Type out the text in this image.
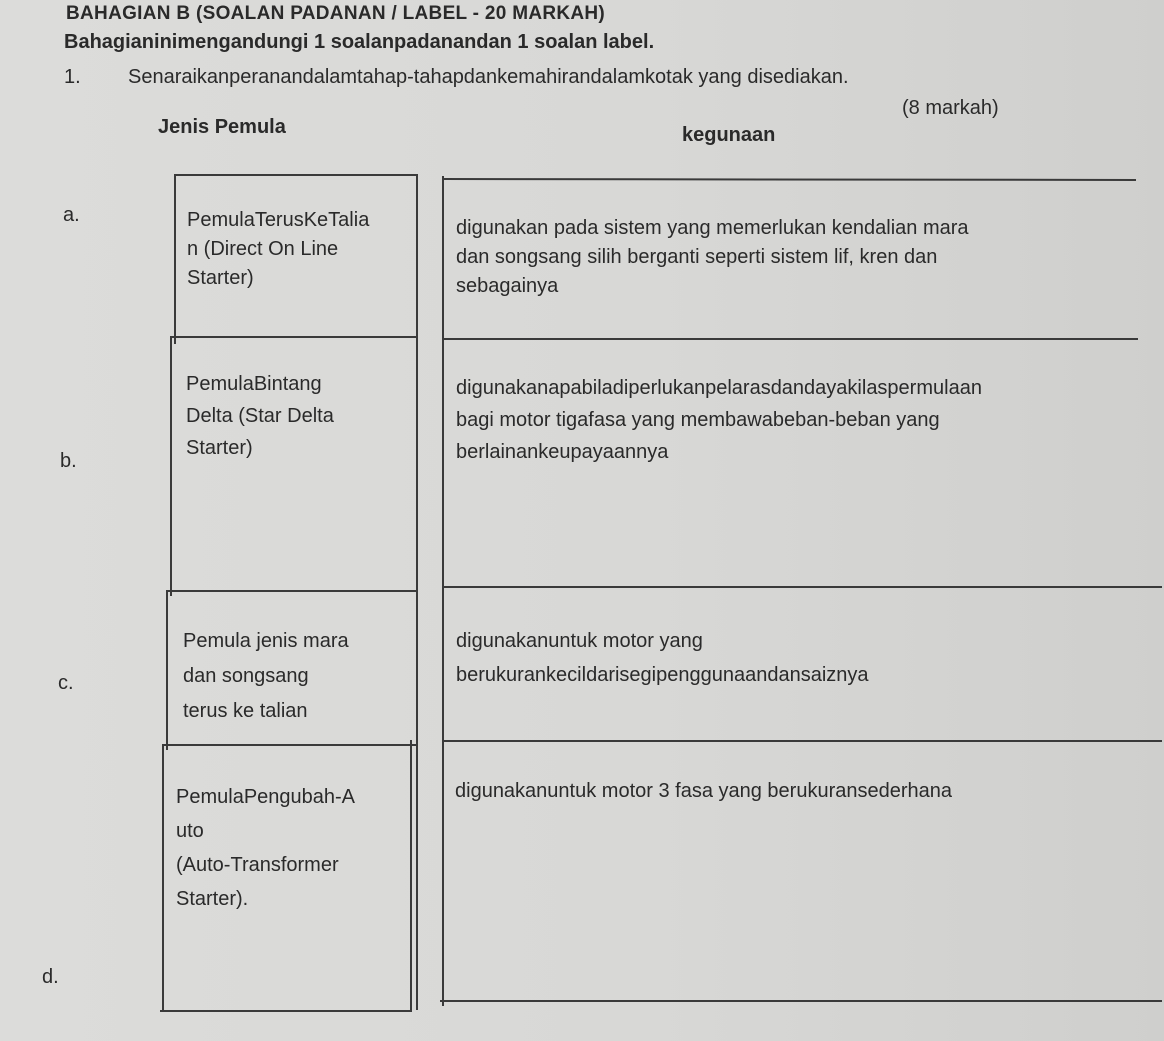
BAHAGIAN B (SOALAN PADANAN / LABEL - 20 MARKAH)
Bahagianinimengandungi 1 soalanpadanandan 1 soalan label.
1. Senaraikanperanandalamtahap-tahapdankemahirandalamkotak yang disediakan.
(8 markah)
Jenis Pemula	kegunaan
a.	PemulaTerusKeTalia
n (Direct On Line
Starter)
digunakan pada sistem yang memerlukan kendalian mara
dan songsang silih berganti seperti sistem lif, kren dan
sebagainya
b.
PemulaBintang
Delta (Star Delta
Starter)
digunakanapabiladiperlukanpelarasdandayakilaspermulaan
bagi motor tigafasa yang membawabeban-beban yang
berlainankeupayaannya
c.
Pemula jenis mara
dan songsang
terus ke talian
digunakanuntuk motor yang
berukurankecildarisegipenggunaandansaiznya
d.
PemulaPengubah-A
uto
(Auto-Transformer
Starter).
digunakanuntuk motor 3 fasa yang berukuransederhana
